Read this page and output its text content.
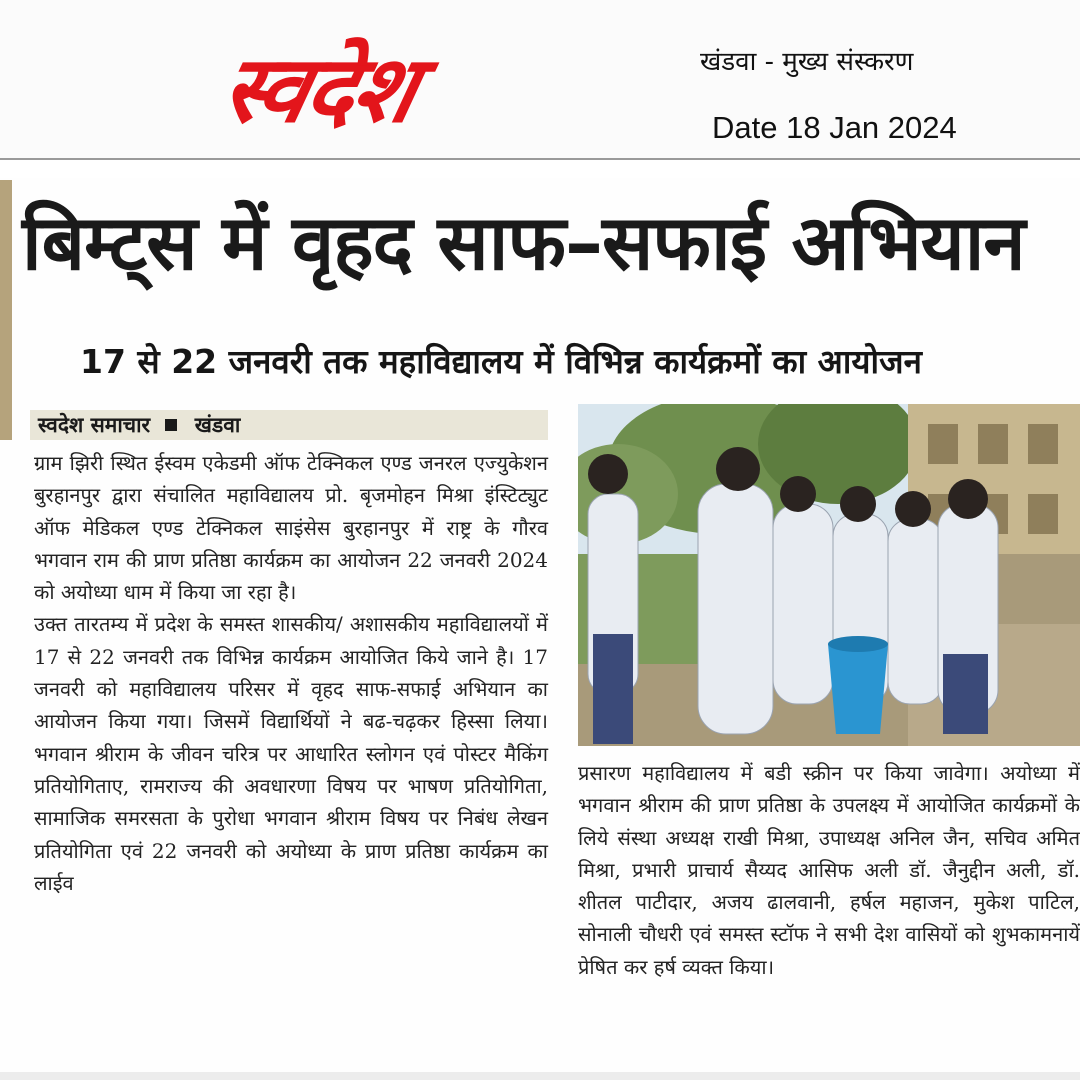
स्वदेश	खंडवा - मुख्य संस्करण
Date 18 Jan 2024
बिम्ट्स में वृहद साफ–सफाई अभियान
17 से 22 जनवरी तक महाविद्यालय में विभिन्न कार्यक्रमों का आयोजन
स्वदेश समाचार खंडवा

ग्राम झिरी स्थित ईस्वम एकेडमी ऑफ टेक्निकल एण्ड जनरल एज्युकेशन बुरहानपुर द्वारा संचालित महाविद्यालय प्रो. बृजमोहन मिश्रा इंस्टिट्युट ऑफ मेडिकल एण्ड टेक्निकल साइंसेस बुरहानपुर में राष्ट्र के गौरव भगवान राम की प्राण प्रतिष्ठा कार्यक्रम का आयोजन 22 जनवरी 2024 को अयोध्या धाम में किया जा रहा है।

उक्त तारतम्य में प्रदेश के समस्त शासकीय/ अशासकीय महाविद्यालयों में 17 से 22 जनवरी तक विभिन्न कार्यक्रम आयोजित किये जाने है। 17 जनवरी को महाविद्यालय परिसर में वृहद साफ-सफाई अभियान का आयोजन किया गया। जिसमें विद्यार्थियों ने बढ-चढ़कर हिस्सा लिया। भगवान श्रीराम के जीवन चरित्र पर आधारित स्लोगन एवं पोस्टर मैकिंग प्रतियोगिताए, रामराज्य की अवधारणा विषय पर भाषण प्रतियोगिता, सामाजिक समरसता के पुरोधा भगवान श्रीराम विषय पर निबंध लेखन प्रतियोगिता एवं 22 जनवरी को अयोध्या के प्राण प्रतिष्ठा कार्यक्रम का लाईव

प्रसारण महाविद्यालय में बडी स्क्रीन पर किया जावेगा। अयोध्या में भगवान श्रीराम की प्राण प्रतिष्ठा के उपलक्ष्य में आयोजित कार्यक्रमों के लिये संस्था अध्यक्ष राखी मिश्रा, उपाध्यक्ष अनिल जैन, सचिव अमित मिश्रा, प्रभारी प्राचार्य सैय्यद आसिफ अली डॉ. जैनुद्दीन अली, डॉ. शीतल पाटीदार, अजय ढालवानी, हर्षल महाजन, मुकेश पाटिल, सोनाली चौधरी एवं समस्त स्टॉफ ने सभी देश वासियों को शुभकामनायें प्रेषित कर हर्ष व्यक्त किया।
